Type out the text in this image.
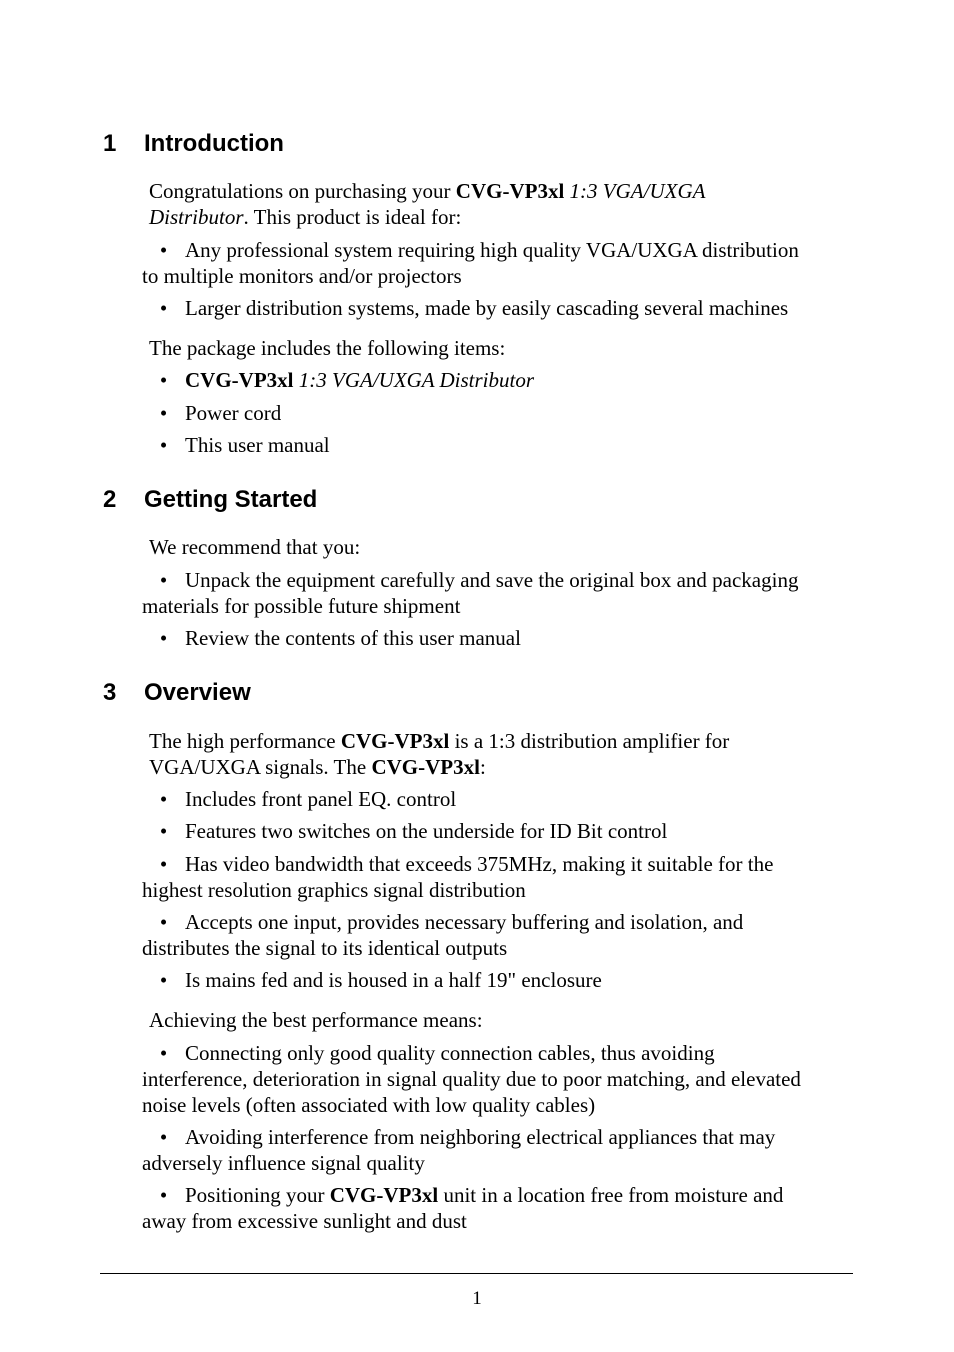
1 Introduction

Congratulations on purchasing your CVG-VP3xl 1:3 VGA/UXGA
Distributor. This product is ideal for:

• Any professional system requiring high quality VGA/UXGA distribution
to multiple monitors and/or projectors

• Larger distribution systems, made by easily cascading several machines

The package includes the following items:

• CVG-VP3xl 1:3 VGA/UXGA Distributor

• Power cord

• This user manual

2 Getting Started

We recommend that you:

• Unpack the equipment carefully and save the original box and packaging
materials for possible future shipment

• Review the contents of this user manual

3 Overview

The high performance CVG-VP3xl is a 1:3 distribution amplifier for
VGA/UXGA signals. The CVG-VP3xl:

• Includes front panel EQ. control

• Features two switches on the underside for ID Bit control

• Has video bandwidth that exceeds 375MHz, making it suitable for the
highest resolution graphics signal distribution

• Accepts one input, provides necessary buffering and isolation, and
distributes the signal to its identical outputs

• Is mains fed and is housed in a half 19" enclosure

Achieving the best performance means:

• Connecting only good quality connection cables, thus avoiding
interference, deterioration in signal quality due to poor matching, and elevated
noise levels (often associated with low quality cables)

• Avoiding interference from neighboring electrical appliances that may
adversely influence signal quality

• Positioning your CVG-VP3xl unit in a location free from moisture and
away from excessive sunlight and dust

1
